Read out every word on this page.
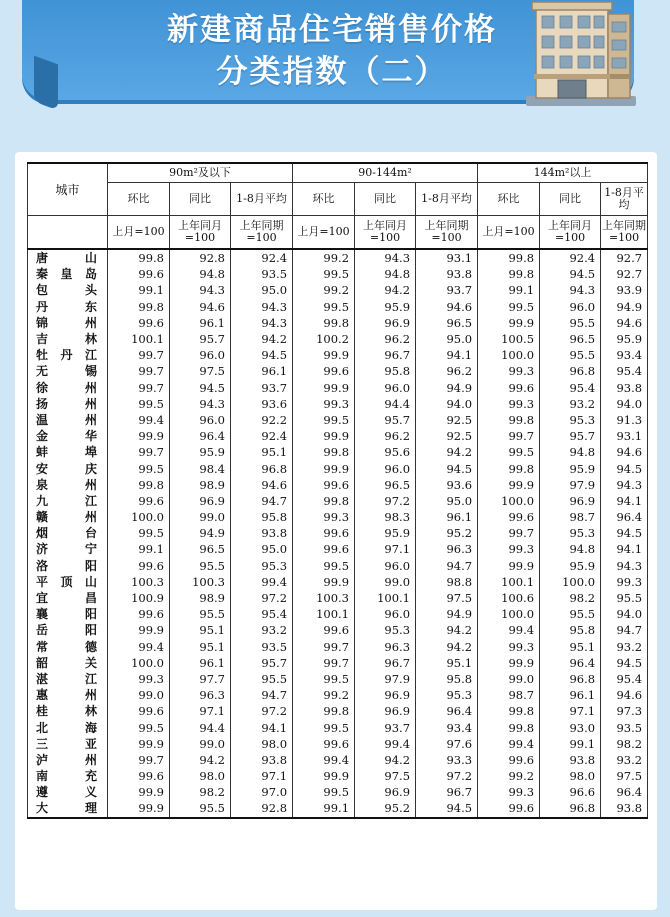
新建商品住宅销售价格
分类指数（二）
城市	90m²及以下			90-144m²			144m²以上		
	环比	同比	1-8月平均	环比	同比	1-8月平均	环比	同比	1-8月平均
	上月=100	上年同月=100	上年同期=100	上月=100	上年同月=100	上年同期=100	上月=100	上年同月=100	上年同期=100
唐山	99.8	92.8	92.4	99.2	94.3	93.1	99.8	92.4	92.7
秦皇岛	99.6	94.8	93.5	99.5	94.8	93.8	99.8	94.5	92.7
包头	99.1	94.3	95.0	99.2	94.2	93.7	99.1	94.3	93.9
丹东	99.8	94.6	94.3	99.5	95.9	94.6	99.5	96.0	94.9
锦州	99.6	96.1	94.3	99.8	96.9	96.5	99.9	95.5	94.6
吉林	100.1	95.7	94.2	100.2	96.2	95.0	100.5	96.5	95.9
牡丹江	99.7	96.0	94.5	99.9	96.7	94.1	100.0	95.5	93.4
无锡	99.7	97.5	96.1	99.6	95.8	96.2	99.3	96.8	95.4
徐州	99.7	94.5	93.7	99.9	96.0	94.9	99.6	95.4	93.8
扬州	99.5	94.3	93.6	99.3	94.4	94.0	99.3	93.2	94.0
温州	99.4	96.0	92.2	99.5	95.7	92.5	99.8	95.3	91.3
金华	99.9	96.4	92.4	99.9	96.2	92.5	99.7	95.7	93.1
蚌埠	99.7	95.9	95.1	99.8	95.6	94.2	99.5	94.8	94.6
安庆	99.5	98.4	96.8	99.9	96.0	94.5	99.8	95.9	94.5
泉州	99.8	98.9	94.6	99.6	96.5	93.6	99.9	97.9	94.3
九江	99.6	96.9	94.7	99.8	97.2	95.0	100.0	96.9	94.1
赣州	100.0	99.0	95.8	99.3	98.3	96.1	99.6	98.7	96.4
烟台	99.5	94.9	93.8	99.6	95.9	95.2	99.7	95.3	94.5
济宁	99.1	96.5	95.0	99.6	97.1	96.3	99.3	94.8	94.1
洛阳	99.6	95.5	95.3	99.5	96.0	94.7	99.9	95.9	94.3
平顶山	100.3	100.3	99.4	99.9	99.0	98.8	100.1	100.0	99.3
宜昌	100.9	98.9	97.2	100.3	100.1	97.5	100.6	98.2	95.5
襄阳	99.6	95.5	95.4	100.1	96.0	94.9	100.0	95.5	94.0
岳阳	99.9	95.1	93.2	99.6	95.3	94.2	99.4	95.8	94.7
常德	99.4	95.1	93.5	99.7	96.3	94.2	99.3	95.1	93.2
韶关	100.0	96.1	95.7	99.7	96.7	95.1	99.9	96.4	94.5
湛江	99.3	97.7	95.5	99.5	97.9	95.8	99.0	96.8	95.4
惠州	99.0	96.3	94.7	99.2	96.9	95.3	98.7	96.1	94.6
桂林	99.6	97.1	97.2	99.8	96.9	96.4	99.8	97.1	97.3
北海	99.5	94.4	94.1	99.5	93.7	93.4	99.8	93.0	93.5
三亚	99.9	99.0	98.0	99.6	99.4	97.6	99.4	99.1	98.2
泸州	99.7	94.2	93.8	99.4	94.2	93.3	99.6	93.8	93.2
南充	99.6	98.0	97.1	99.9	97.5	97.2	99.2	98.0	97.5
遵义	99.9	98.2	97.0	99.5	96.9	96.7	99.3	96.6	96.4
大理	99.9	95.5	92.8	99.1	95.2	94.5	99.6	96.8	93.8
